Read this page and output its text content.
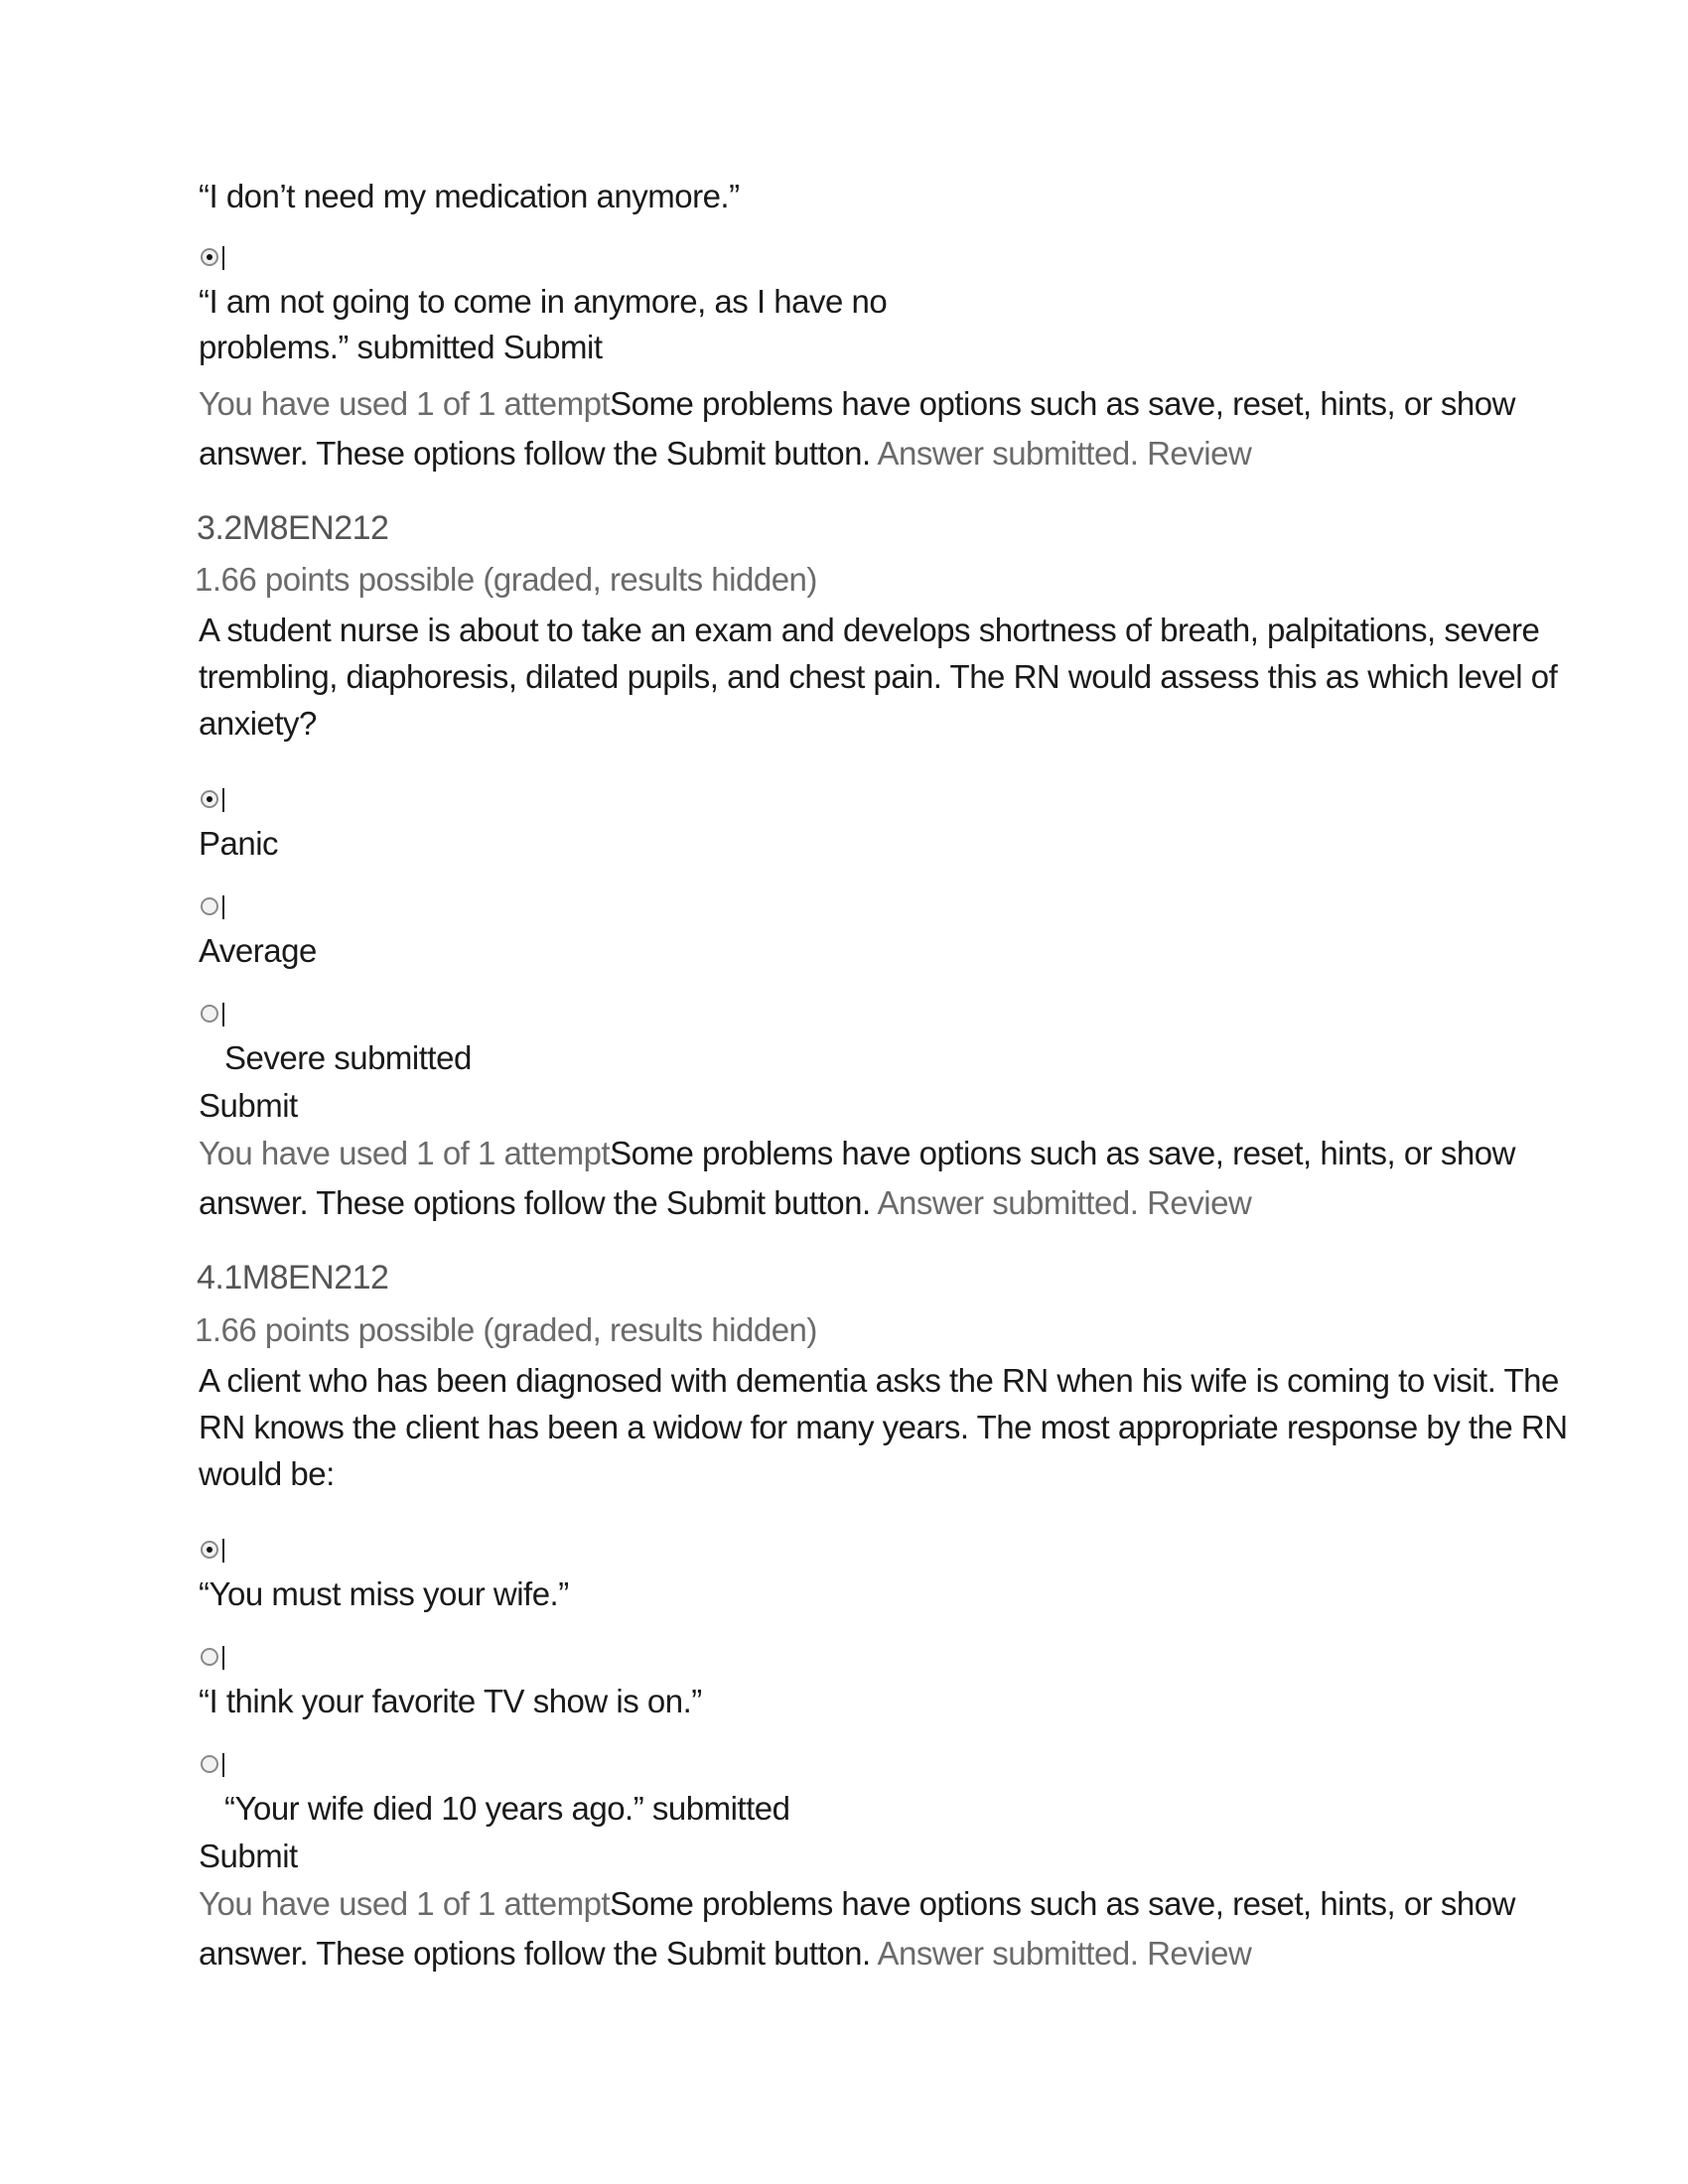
“I don’t need my medication anymore.”
“I am not going to come in anymore, as I have no
problems.” submitted Submit
You have used 1 of 1 attemptSome problems have options such as save, reset, hints, or show
answer. These options follow the Submit button. Answer submitted. Review
3.2M8EN212
1.66 points possible (graded, results hidden)
A student nurse is about to take an exam and develops shortness of breath, palpitations, severe
trembling, diaphoresis, dilated pupils, and chest pain. The RN would assess this as which level of
anxiety?
Panic
Average
Severe submitted
Submit
You have used 1 of 1 attemptSome problems have options such as save, reset, hints, or show
answer. These options follow the Submit button. Answer submitted. Review
4.1M8EN212
1.66 points possible (graded, results hidden)
A client who has been diagnosed with dementia asks the RN when his wife is coming to visit. The
RN knows the client has been a widow for many years. The most appropriate response by the RN
would be:
“You must miss your wife.”
“I think your favorite TV show is on.”
“Your wife died 10 years ago.” submitted
Submit
You have used 1 of 1 attemptSome problems have options such as save, reset, hints, or show
answer. These options follow the Submit button. Answer submitted. Review
